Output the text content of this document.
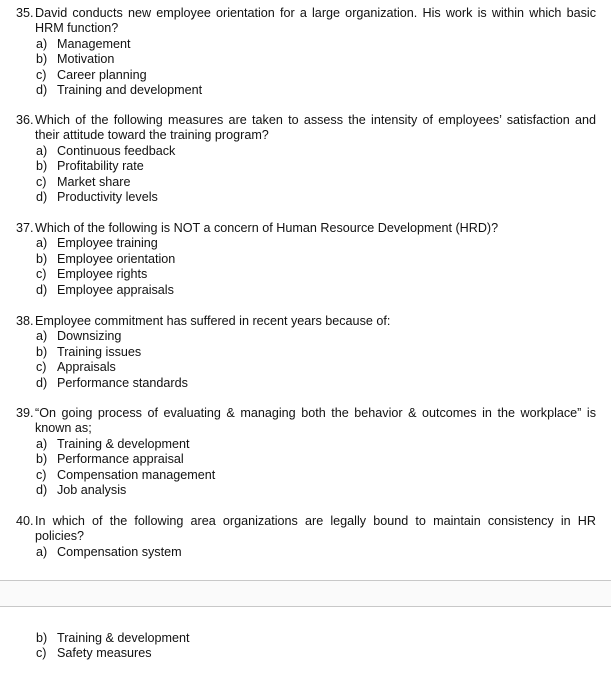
35. David conducts new employee orientation for a large organization. His work is within which basic HRM function?
a) Management
b) Motivation
c) Career planning
d) Training and development
36. Which of the following measures are taken to assess the intensity of employees’ satisfaction and their attitude toward the training program?
a) Continuous feedback
b) Profitability rate
c) Market share
d) Productivity levels
37. Which of the following is NOT a concern of Human Resource Development (HRD)?
a) Employee training
b) Employee orientation
c) Employee rights
d) Employee appraisals
38. Employee commitment has suffered in recent years because of:
a) Downsizing
b) Training issues
c) Appraisals
d) Performance standards
39. “On going process of evaluating & managing both the behavior & outcomes in the workplace” is known as;
a) Training & development
b) Performance appraisal
c) Compensation management
d) Job analysis
40. In which of the following area organizations are legally bound to maintain consistency in HR policies?
a) Compensation system
b) Training & development
c) Safety measures
